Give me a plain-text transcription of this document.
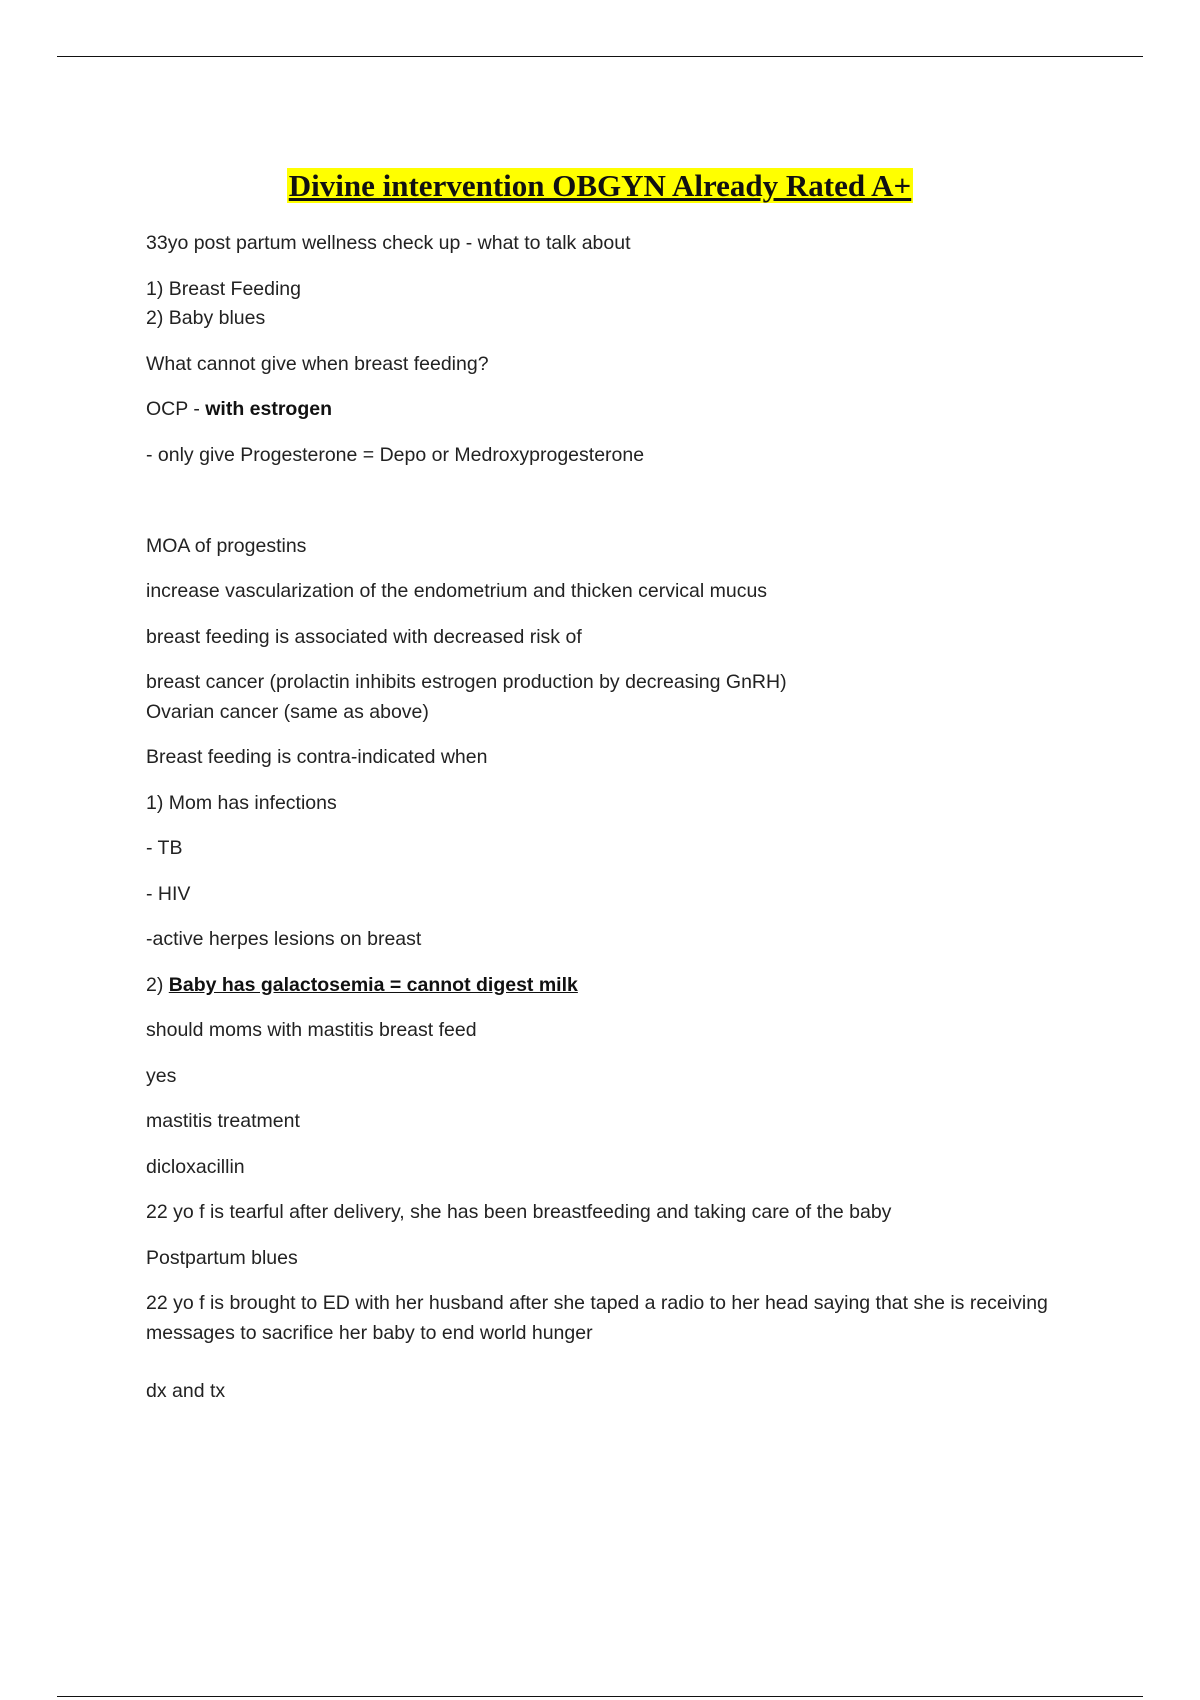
Divine intervention OBGYN Already Rated A+
33yo post partum wellness check up - what to talk about
1) Breast Feeding
2) Baby blues
What cannot give when breast feeding?
OCP - with estrogen
- only give Progesterone = Depo or Medroxyprogesterone
MOA of progestins
increase vascularization of the endometrium and thicken cervical mucus
breast feeding is associated with decreased risk of
breast cancer (prolactin inhibits estrogen production by decreasing GnRH)
Ovarian cancer (same as above)
Breast feeding is contra-indicated when
1) Mom has infections
- TB
- HIV
-active herpes lesions on breast
2) Baby has galactosemia = cannot digest milk
should moms with mastitis breast feed
yes
mastitis treatment
dicloxacillin
22 yo f is tearful after delivery, she has been breastfeeding and taking care of the baby
Postpartum blues
22 yo f is brought to ED with her husband after she taped a radio to her head saying that she is receiving
messages to sacrifice her baby to end world hunger
dx and tx
